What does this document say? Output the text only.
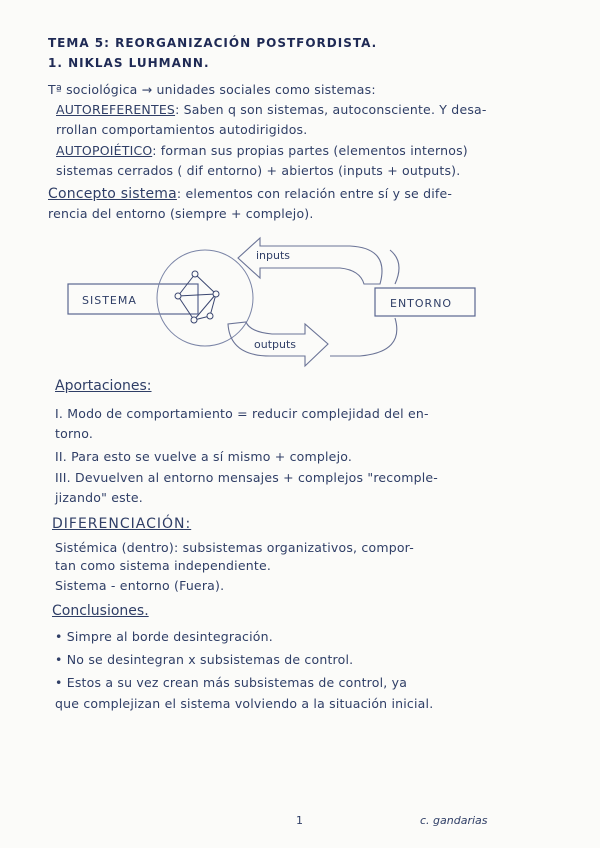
TEMA 5: REORGANIZACIÓN POSTFORDISTA.
1. NIKLAS LUHMANN.
Tª sociológica → unidades sociales como sistemas:
AUTOREFERENTES: Saben q son sistemas, autoconsciente. Y desa-
rrollan comportamientos autodirigidos.
AUTOPOIÉTICO: forman sus propias partes (elementos internos)
sistemas cerrados ( dif entorno) + abiertos (inputs + outputs).
Concepto sistema: elementos con relación entre sí y se dife-
rencia del entorno (siempre + complejo).
SISTEMA	ENTORNO
inputs
outputs
Aportaciones:
I. Modo de comportamiento = reducir complejidad del en-
torno.
II. Para esto se vuelve a sí mismo + complejo.
III. Devuelven al entorno mensajes + complejos "recomple-
jizando" este.
DIFERENCIACIÓN:
Sistémica (dentro): subsistemas organizativos, compor-
tan como sistema independiente.
Sistema - entorno (Fuera).
Conclusiones.
• Simpre al borde desintegración.
• No se desintegran x subsistemas de control.
• Estos a su vez crean más subsistemas de control, ya
que complejizan el sistema volviendo a la situación inicial.
1	c. gandarias
